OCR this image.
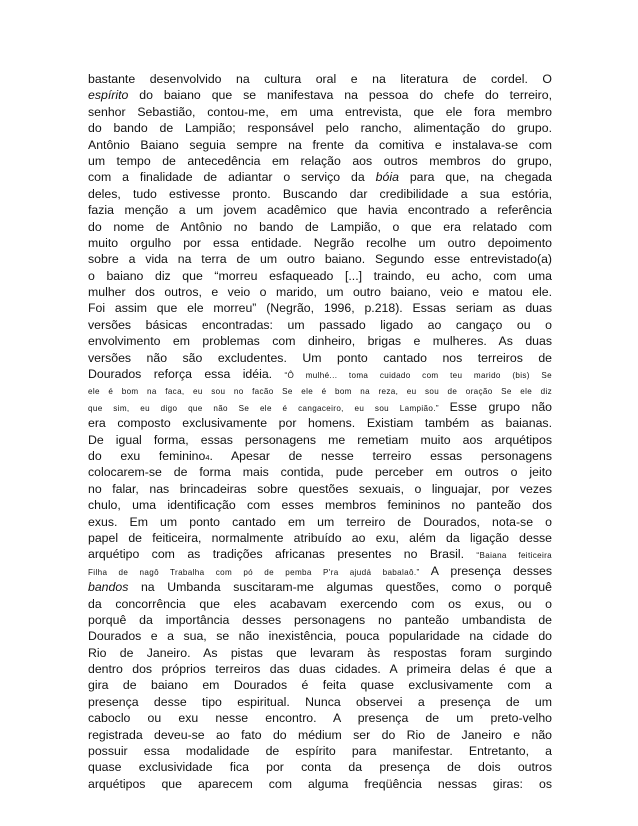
bastante desenvolvido na cultura oral e na literatura de cordel. O
espírito do baiano que se manifestava na pessoa do chefe do terreiro,
senhor Sebastião, contou-me, em uma entrevista, que ele fora membro
do bando de Lampião; responsável pelo rancho, alimentação do grupo.
Antônio Baiano seguia sempre na frente da comitiva e instalava-se com
um tempo de antecedência em relação aos outros membros do grupo,
com a finalidade de adiantar o serviço da bóia para que, na chegada
deles, tudo estivesse pronto. Buscando dar credibilidade a sua estória,
fazia menção a um jovem acadêmico que havia encontrado a referência
do nome de Antônio no bando de Lampião, o que era relatado com
muito orgulho por essa entidade. Negrão recolhe um outro depoimento
sobre a vida na terra de um outro baiano. Segundo esse entrevistado(a)
o baiano diz que “morreu esfaqueado [...] traindo, eu acho, com uma
mulher dos outros, e veio o marido, um outro baiano, veio e matou ele.
Foi assim que ele morreu” (Negrão, 1996, p.218). Essas seriam as duas
versões básicas encontradas: um passado ligado ao cangaço ou o
envolvimento em problemas com dinheiro, brigas e mulheres. As duas
versões não são excludentes. Um ponto cantado nos terreiros de
Dourados reforça essa idéia. “Ô mulhé... toma cuidado com teu marido (bis) Se
ele é bom na faca, eu sou no facão Se ele é bom na reza, eu sou de oração Se ele diz
que sim, eu digo que não Se ele é cangaceiro, eu sou Lampião.” Esse grupo não
era composto exclusivamente por homens. Existiam também as baianas.
De igual forma, essas personagens me remetiam muito aos arquétipos
do exu feminino4. Apesar de nesse terreiro essas personagens
colocarem-se de forma mais contida, pude perceber em outros o jeito
no falar, nas brincadeiras sobre questões sexuais, o linguajar, por vezes
chulo, uma identificação com esses membros femininos no panteão dos
exus. Em um ponto cantado em um terreiro de Dourados, nota-se o
papel de feiticeira, normalmente atribuído ao exu, além da ligação desse
arquétipo com as tradições africanas presentes no Brasil. “Baiana feiticeira
Filha de nagô Trabalha com pó de pemba P'ra ajudá babalaô.” A presença desses
bandos na Umbanda suscitaram-me algumas questões, como o porquê
da concorrência que eles acabavam exercendo com os exus, ou o
porquê da importância desses personagens no panteão umbandista de
Dourados e a sua, se não inexistência, pouca popularidade na cidade do
Rio de Janeiro. As pistas que levaram às respostas foram surgindo
dentro dos próprios terreiros das duas cidades. A primeira delas é que a
gira de baiano em Dourados é feita quase exclusivamente com a
presença desse tipo espiritual. Nunca observei a presença de um
caboclo ou exu nesse encontro. A presença de um preto-velho
registrada deveu-se ao fato do médium ser do Rio de Janeiro e não
possuir essa modalidade de espírito para manifestar. Entretanto, a
quase exclusividade fica por conta da presença de dois outros
arquétipos que aparecem com alguma freqüência nessas giras: os
